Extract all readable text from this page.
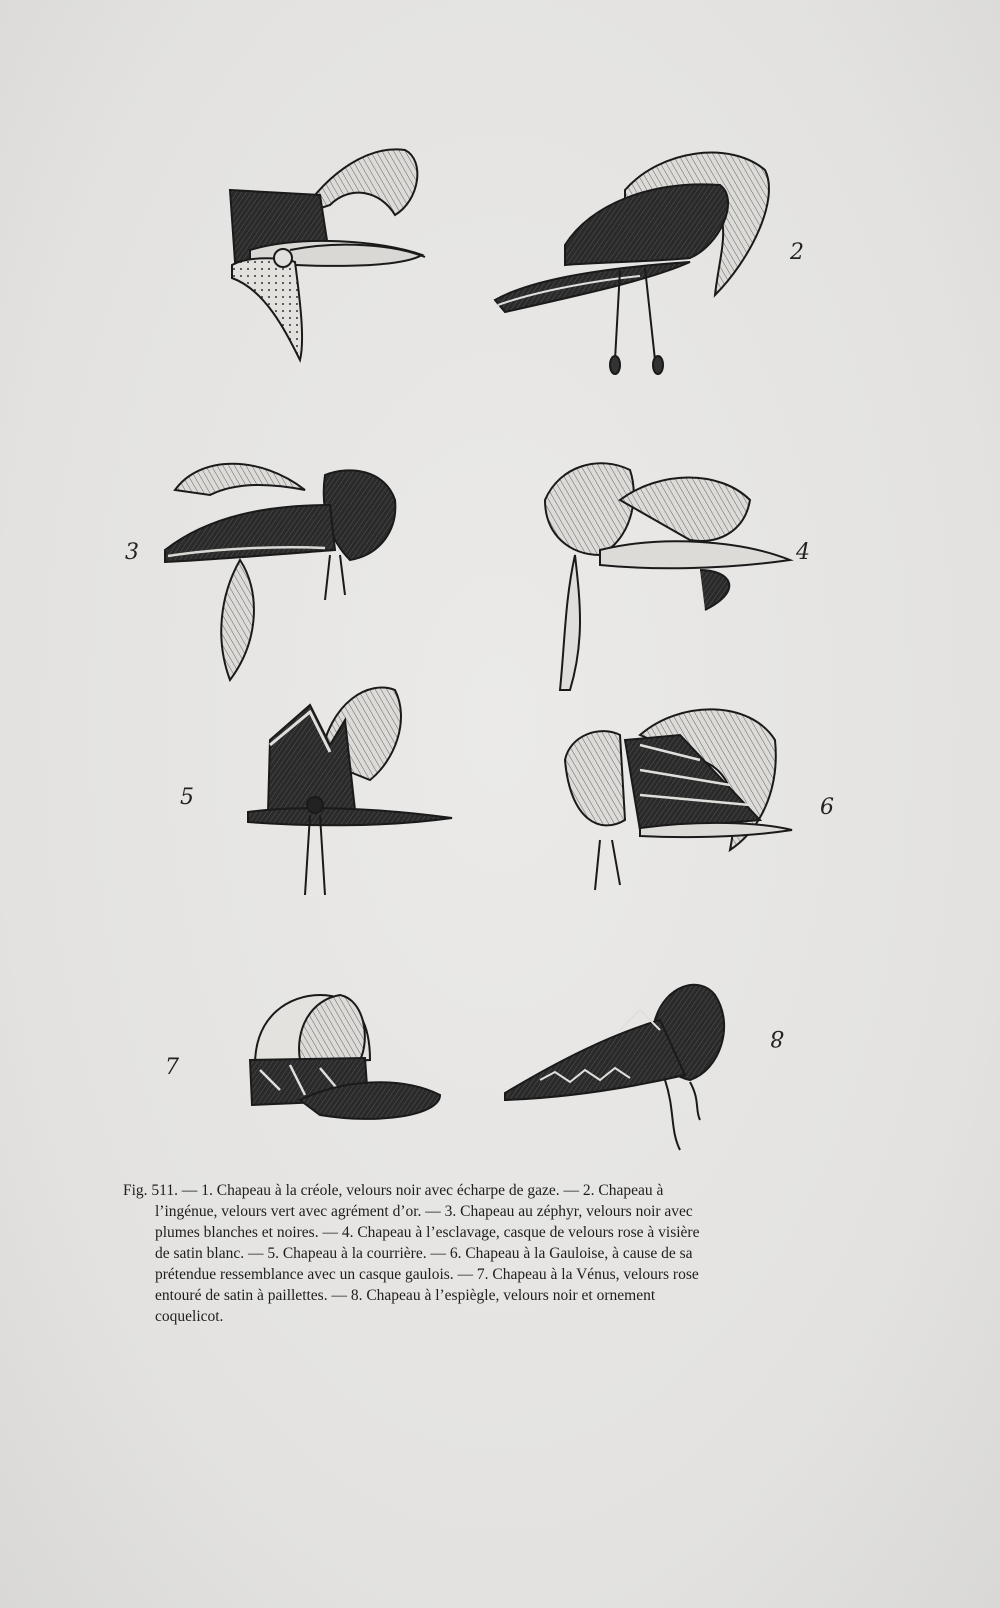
2
3	4
5	6
7
8
Fig. 511. — 1. Chapeau à la créole, velours noir avec écharpe de gaze. — 2. Chapeau à
l’ingénue, velours vert avec agrément d’or. — 3. Chapeau au zéphyr, velours noir avec
plumes blanches et noires. — 4. Chapeau à l’esclavage, casque de velours rose à visière
de satin blanc. — 5. Chapeau à la courrière. — 6. Chapeau à la Gauloise, à cause de sa
prétendue ressemblance avec un casque gaulois. — 7. Chapeau à la Vénus, velours rose
entouré de satin à paillettes. — 8. Chapeau à l’espiègle, velours noir et ornement
coquelicot.
